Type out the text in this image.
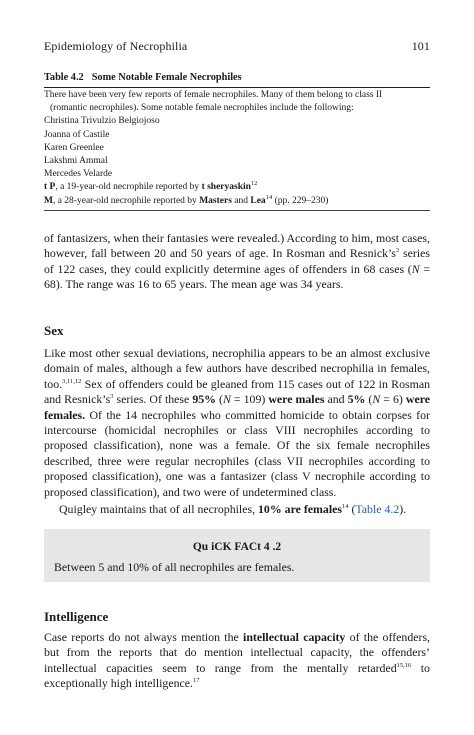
Epidemiology of Necrophilia	101
Table 4.2 Some Notable Female Necrophiles
There have been very few reports of female necrophiles. Many of them belong to class II
(romantic necrophiles). Some notable female necrophiles include the following:
Christina Trivulzio Belgiojoso
Joanna of Castile
Karen Greenlee
Lakshmi Ammal
Mercedes Velarde
t P, a 19-year-old necrophile reported by t sheryaskin$^{12}$
M, a 28-year-old necrophile reported by Masters and Lea$^{14}$ (pp. 229–230)

of fantasizers, when their fantasies were revealed.) According to him, most cases, however, fall between 20 and 50 years of age. In Rosman and $Resnick’s^3$ series of 122 cases, they could explicitly determine ages of offenders in 68 cases (N = 68). The range was 16 to 65 years. The mean age was 34 years.

Sex

Like most other sexual deviations, necrophilia appears to be an almost exclusive domain of males, although a few authors have described necrophilia in females, too.$^{3,11,12}$ Sex of offenders could be gleaned from 115 cases out of 122 in Rosman and $Resnick’s^3$ series. Of these 95% (N = 109) were males and 5% (N = 6) were females. Of the 14 necrophiles who committed homicide to obtain corpses for intercourse (homicidal necrophiles or class VIII necrophiles according to proposed classification), none was a female. Of the six female necrophiles described, three were regular necrophiles (class VII necrophiles according to proposed classification), one was a fantasizer (class V necrophile according to proposed classification), and two were of undetermined class.

Quigley maintains that of all necrophiles, 10% are females$^{14}$ (Table 4.2).

Qu iCK FACt 4 .2
Between 5 and 10% of all necrophiles are females.
Intelligence

Case reports do not always mention the intellectual capacity of the offenders, but from the reports that do mention intellectual capacity, the offenders’ intellectual capacities seem to range from the mentally retarded$^{15,16}$ to exceptionally high intelligence.$^{17}$
